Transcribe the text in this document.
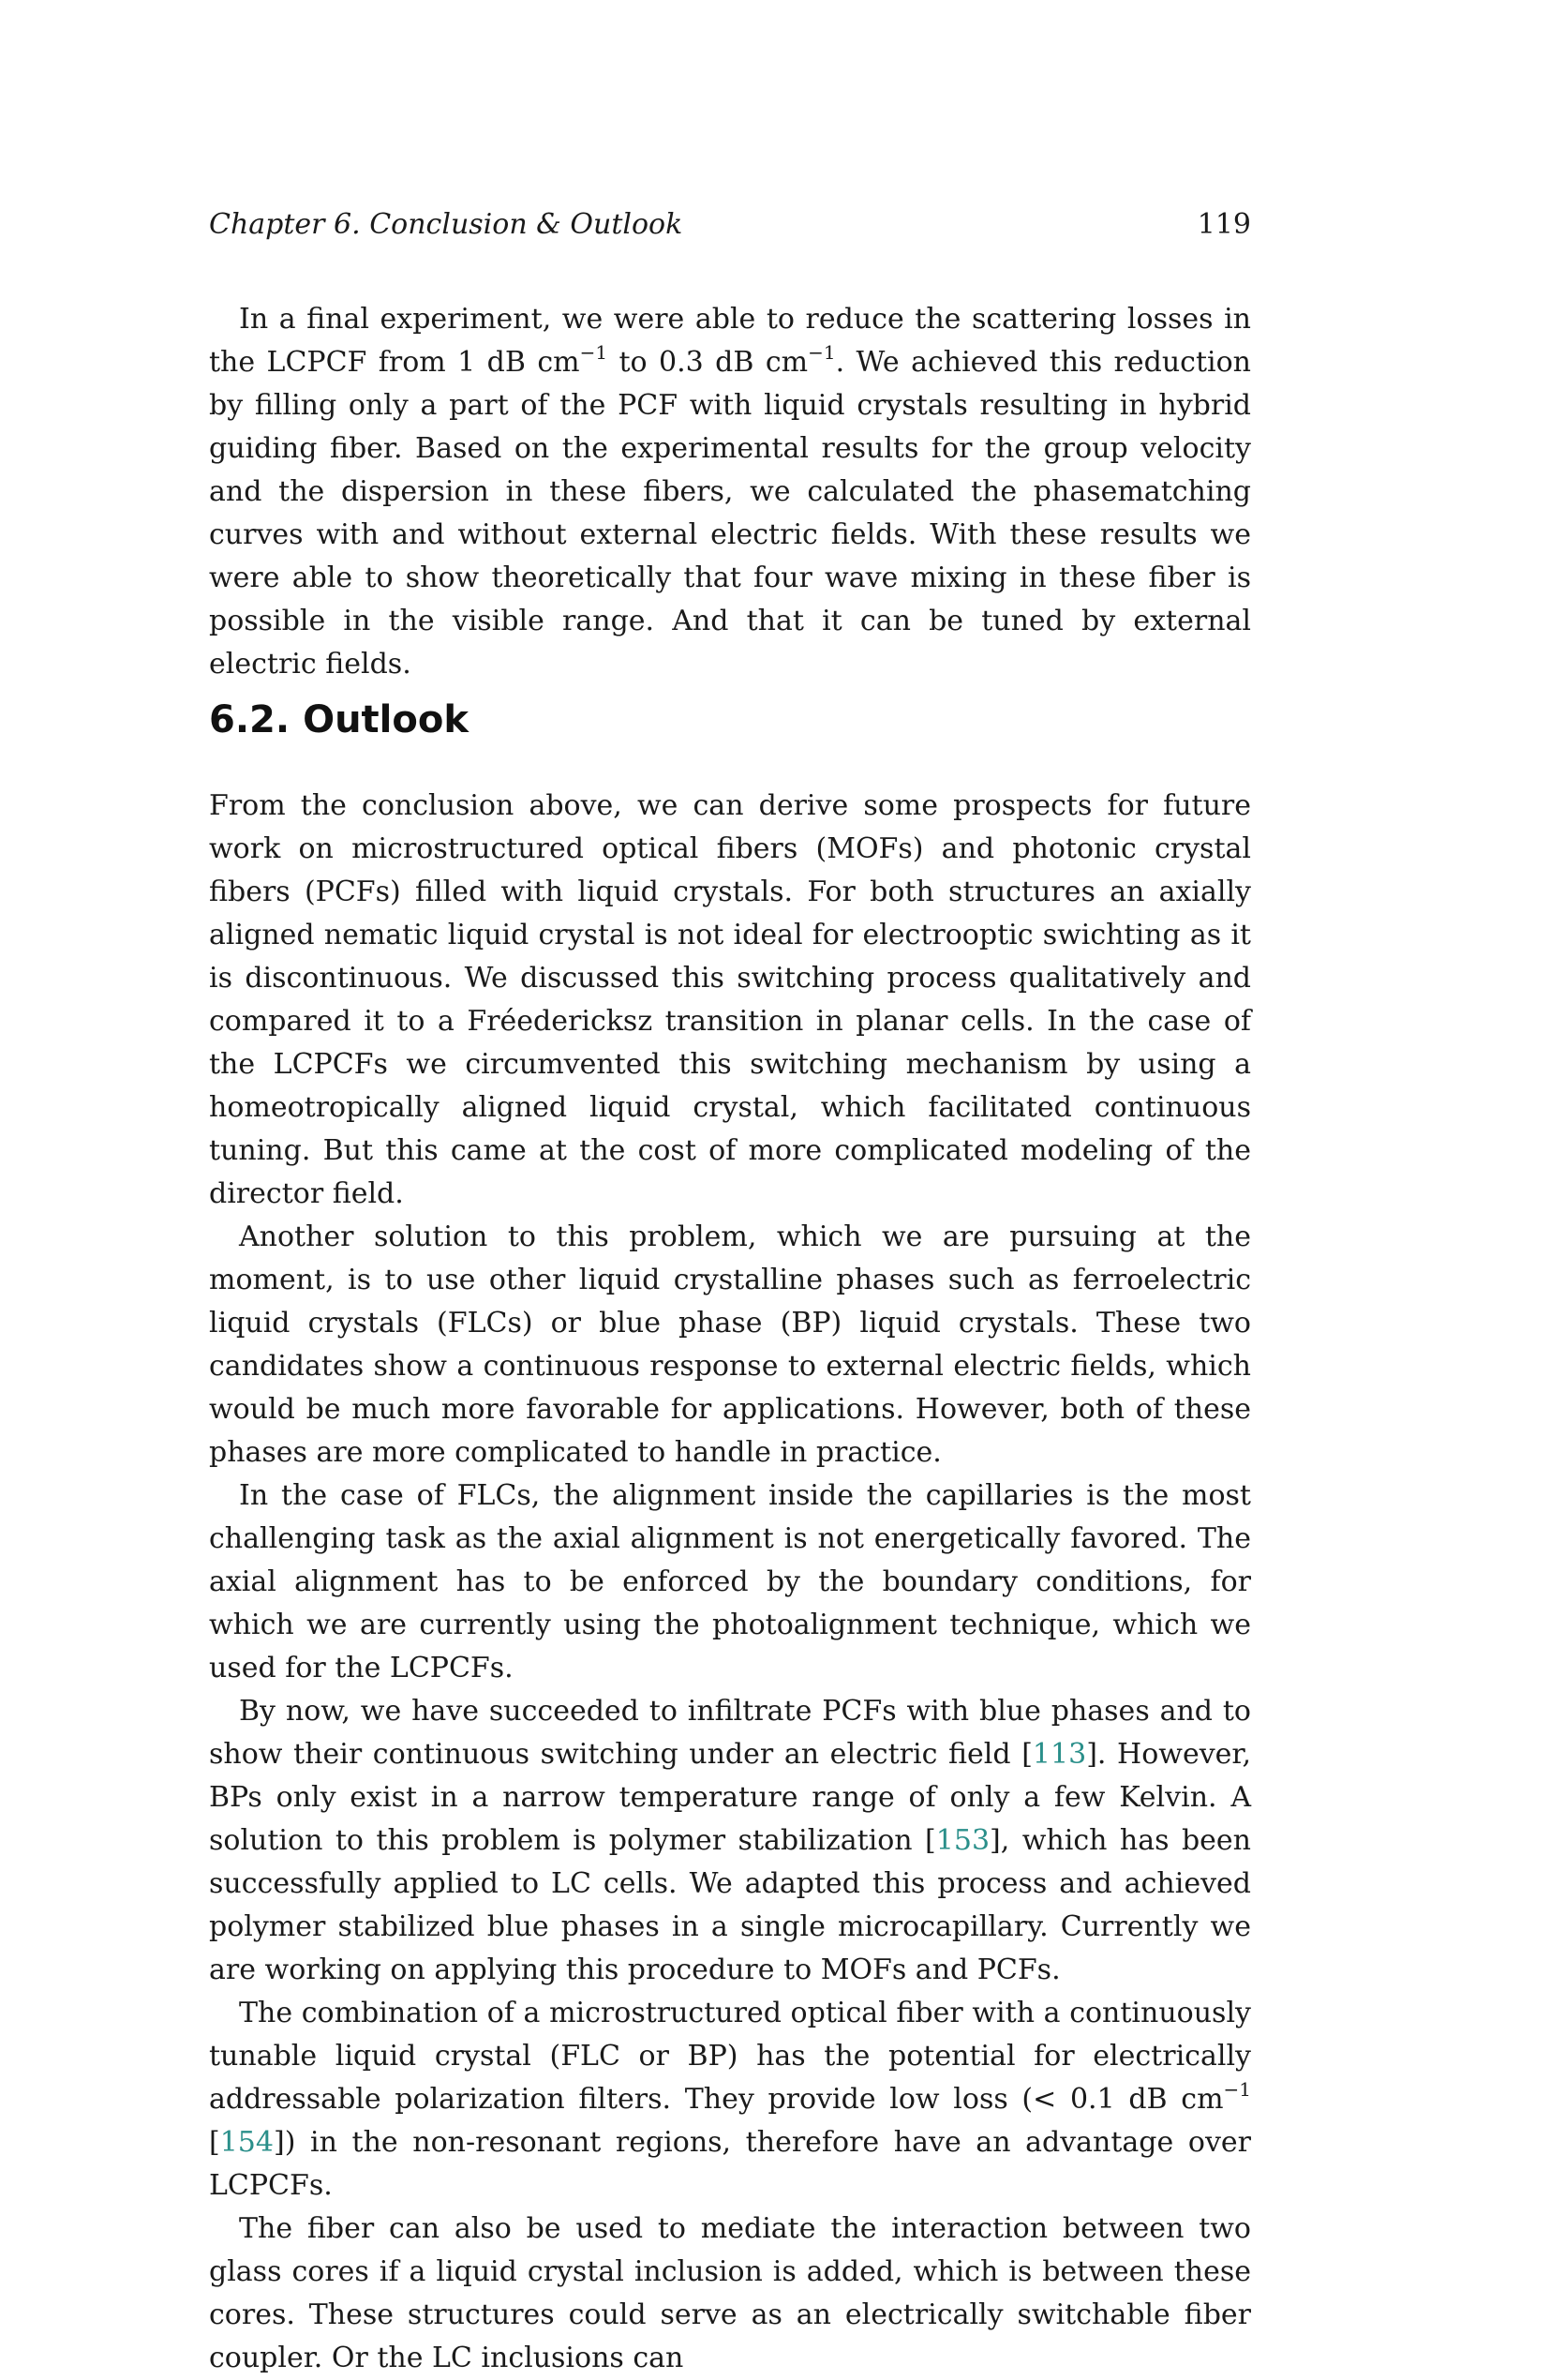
Chapter 6. Conclusion & Outlook	119

In a final experiment, we were able to reduce the scattering losses in the LCPCF from 1 dB $cm^{-1}$ to 0.3 dB $cm^{-1}$. We achieved this reduction by filling only a part of the PCF with liquid crystals resulting in hybrid guiding fiber. Based on the experimental results for the group velocity and the dispersion in these fibers, we calculated the phasematching curves with and without external electric fields. With these results we were able to show theoretically that four wave mixing in these fiber is possible in the visible range. And that it can be tuned by external electric fields.

6.2. Outlook

From the conclusion above, we can derive some prospects for future work on microstructured optical fibers (MOFs) and photonic crystal fibers (PCFs) filled with liquid crystals. For both structures an axially aligned nematic liquid crystal is not ideal for electrooptic swichting as it is discontinuous. We discussed this switching process qualitatively and compared it to a Fréedericksz transition in planar cells. In the case of the LCPCFs we circumvented this switching mechanism by using a homeotropically aligned liquid crystal, which facilitated continuous tuning. But this came at the cost of more complicated modeling of the director field.

Another solution to this problem, which we are pursuing at the moment, is to use other liquid crystalline phases such as ferroelectric liquid crystals (FLCs) or blue phase (BP) liquid crystals. These two candidates show a continuous response to external electric fields, which would be much more favorable for applications. However, both of these phases are more complicated to handle in practice.

In the case of FLCs, the alignment inside the capillaries is the most challenging task as the axial alignment is not energetically favored. The axial alignment has to be enforced by the boundary conditions, for which we are currently using the photoalignment technique, which we used for the LCPCFs.

By now, we have succeeded to infiltrate PCFs with blue phases and to show their continuous switching under an electric field [113]. However, BPs only exist in a narrow temperature range of only a few Kelvin. A solution to this problem is polymer stabilization [153], which has been successfully applied to LC cells. We adapted this process and achieved polymer stabilized blue phases in a single microcapillary. Currently we are working on applying this procedure to MOFs and PCFs.

The combination of a microstructured optical fiber with a continuously tunable liquid crystal (FLC or BP) has the potential for electrically addressable polarization filters. They provide low loss (< 0.1 dB $cm^{-1}$ [154]) in the non-resonant regions, therefore have an advantage over LCPCFs.

The fiber can also be used to mediate the interaction between two glass cores if a liquid crystal inclusion is added, which is between these cores. These structures could serve as an electrically switchable fiber coupler. Or the LC inclusions can
